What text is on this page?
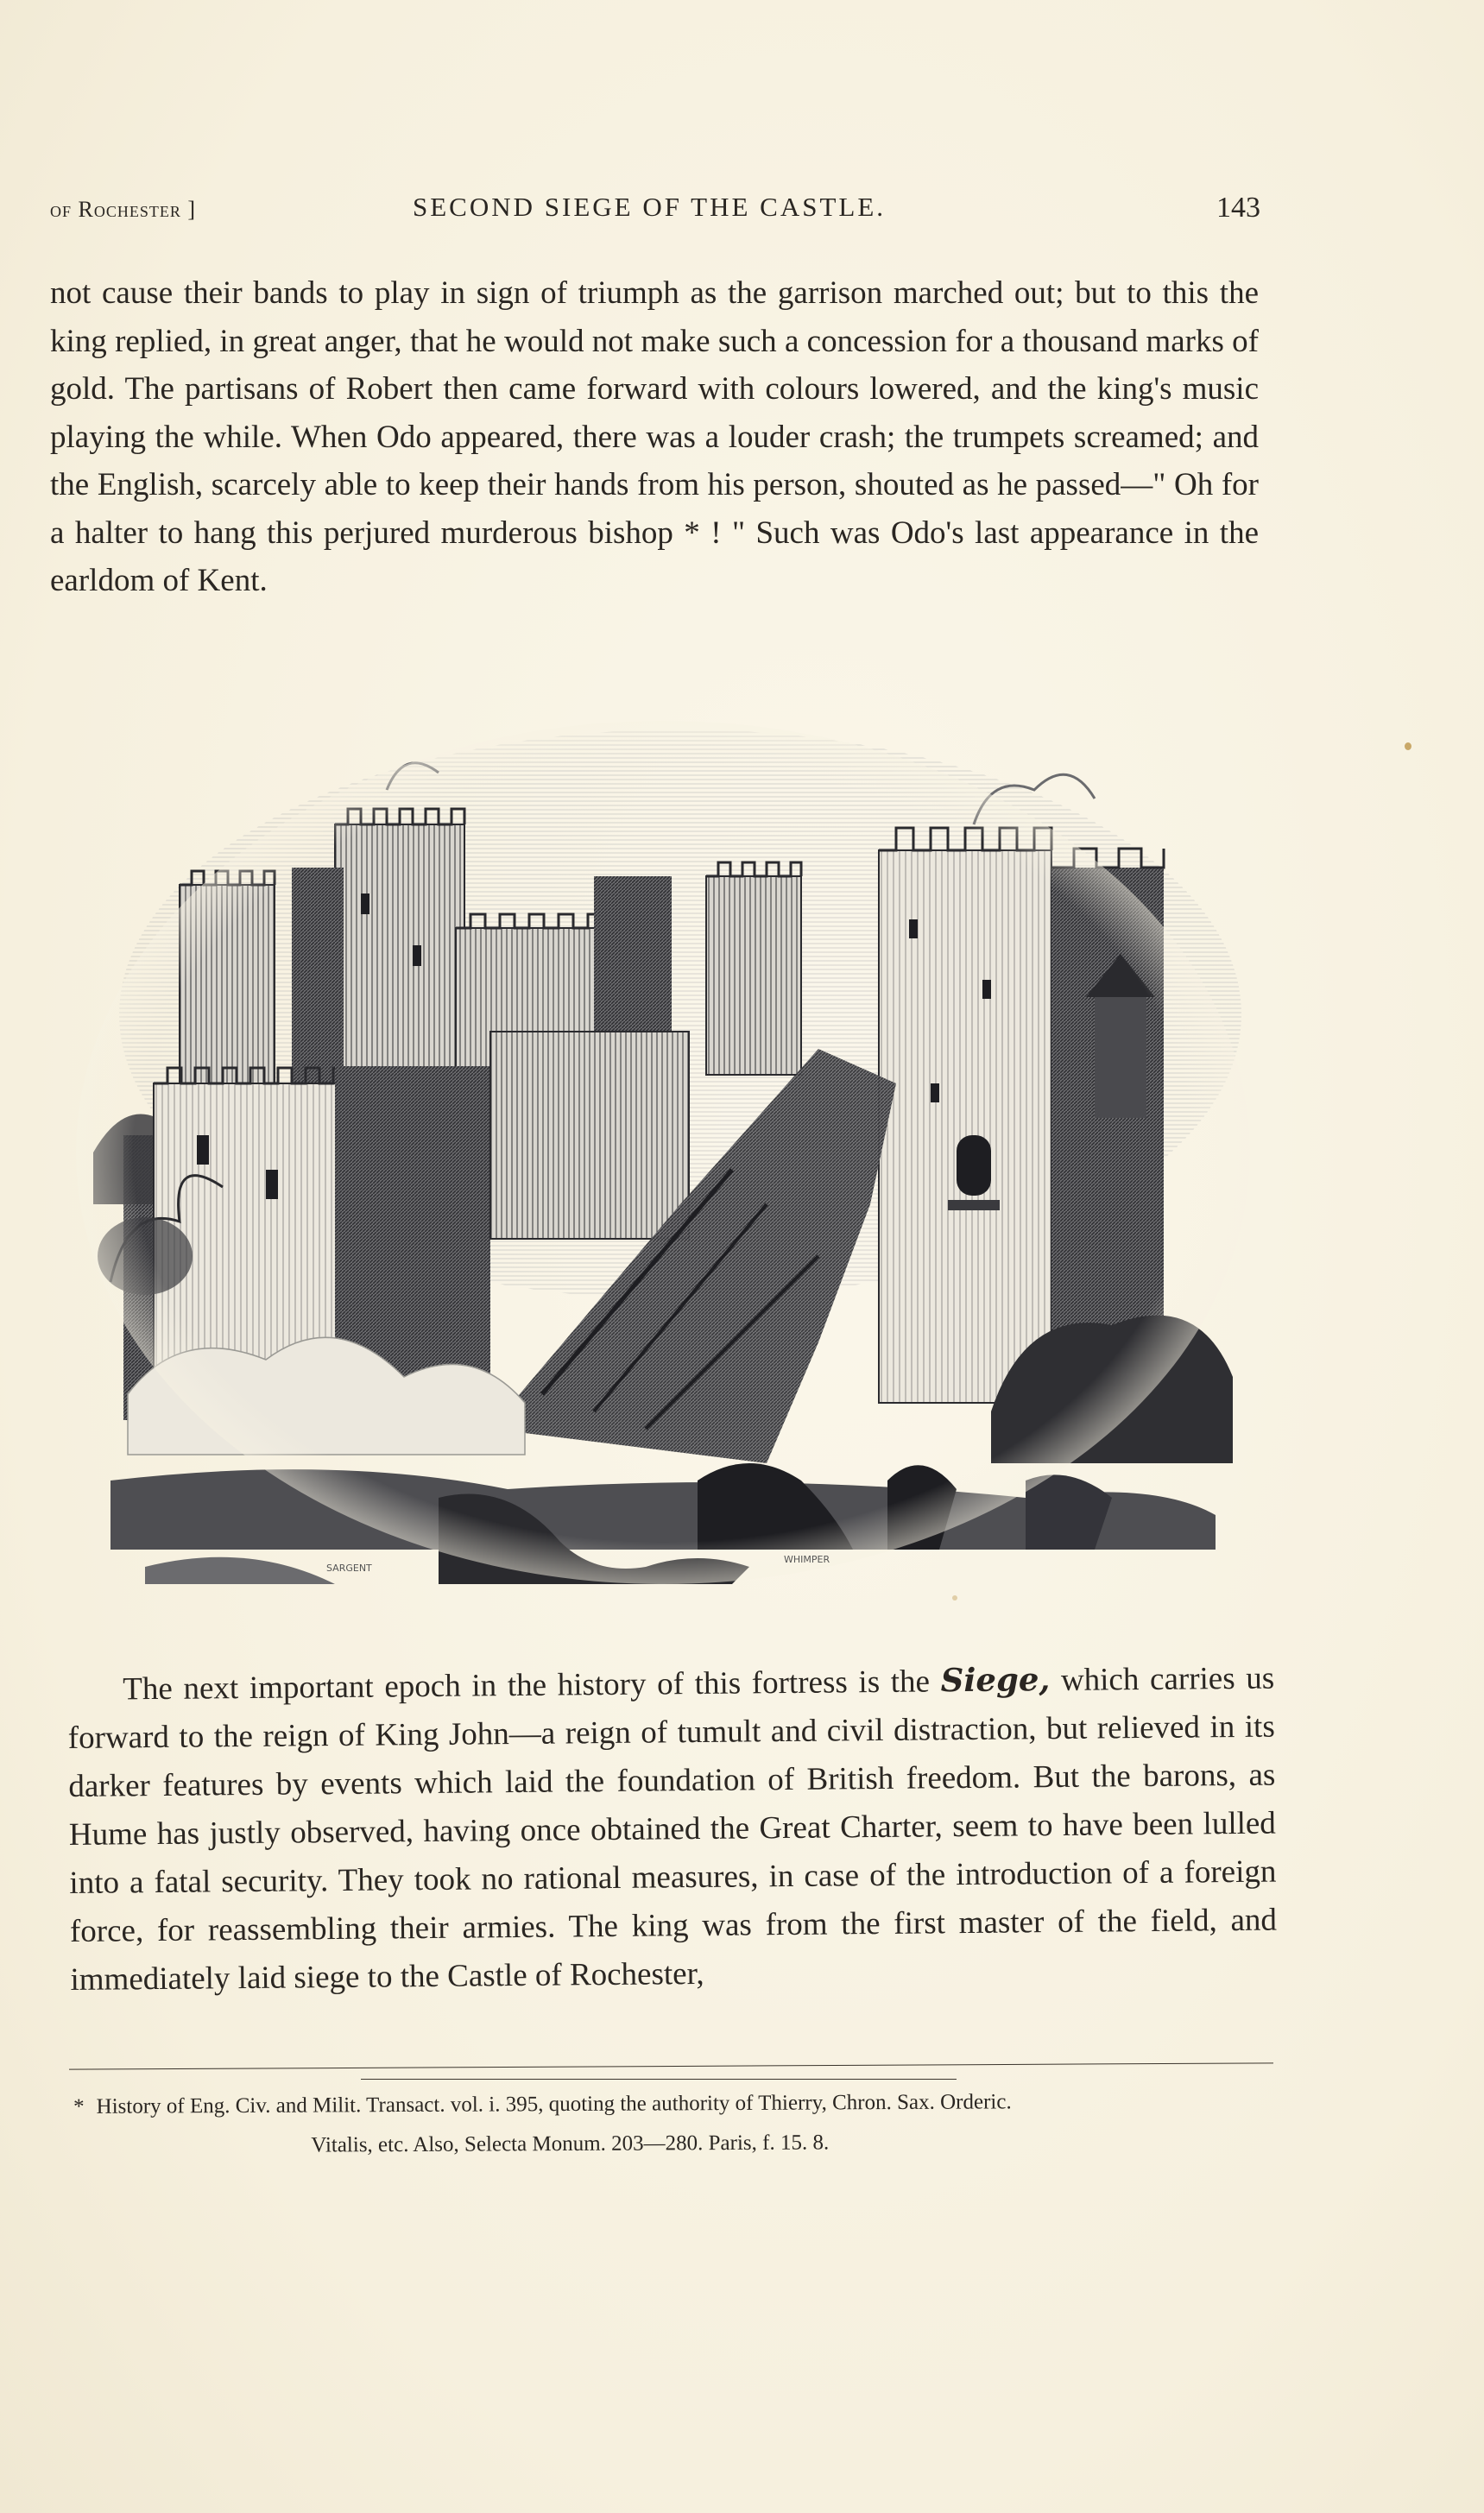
of Rochester ]	SECOND SIEGE OF THE CASTLE.	143

not cause their bands to play in sign of triumph as the garrison marched out; but to this the king replied, in great anger, that he would not make such a concession for a thousand marks of gold. The partisans of Robert then came forward with colours lowered, and the king's music playing the while. When Odo appeared, there was a louder crash; the trumpets screamed; and the English, scarcely able to keep their hands from his person, shouted as he passed—" Oh for a halter to hang this perjured murderous bishop * ! " Such was Odo's last appearance in the earldom of Kent.

SARGENT
WHIMPER

The next important epoch in the history of this fortress is the Siege, which carries us forward to the reign of King John—a reign of tumult and civil distraction, but relieved in its darker features by events which laid the foundation of British freedom. But the barons, as Hume has justly observed, having once obtained the Great Charter, seem to have been lulled into a fatal security. They took no rational measures, in case of the introduction of a foreign force, for reassembling their armies. The king was from the first master of the field, and immediately laid siege to the Castle of Rochester,

* History of Eng. Civ. and Milit. Transact. vol. i. 395, quoting the authority of Thierry, Chron. Sax. Orderic.
Vitalis, etc. Also, Selecta Monum. 203—280. Paris, f. 15. 8.
